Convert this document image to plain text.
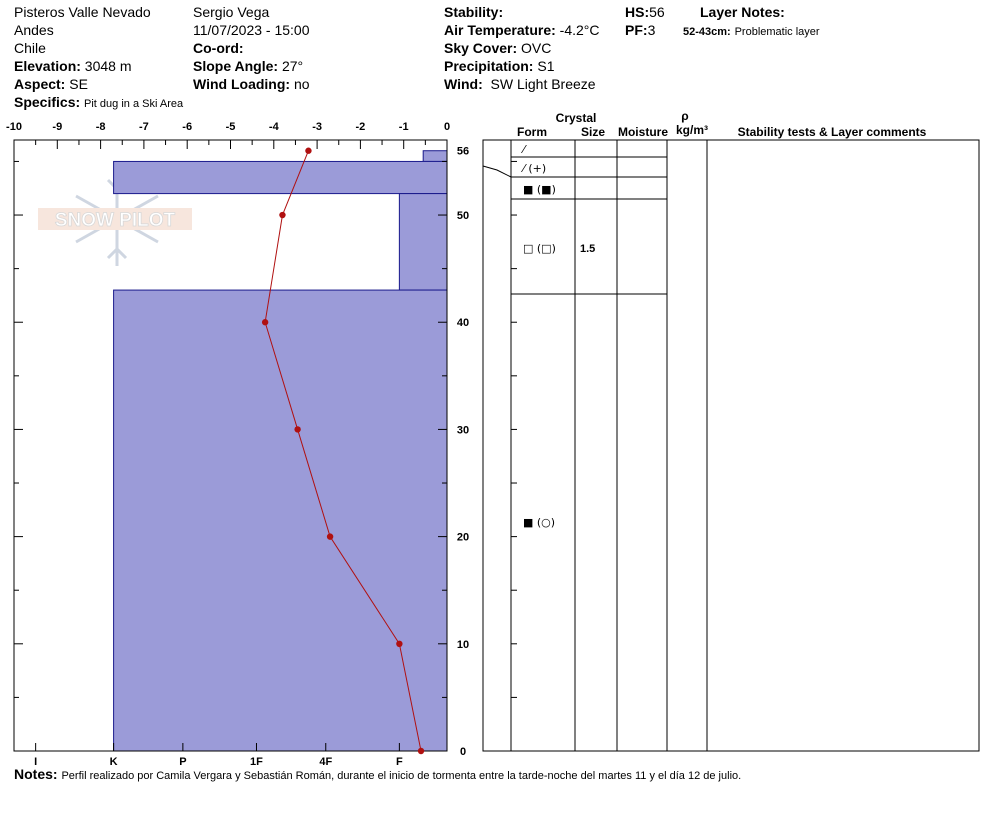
Pisteros Valle Nevado
Andes
Chile
Elevation: 3048 m
Aspect: SE
Specifics: Pit dug in a Ski Area
Sergio Vega
11/07/2023 - 15:00
Co-ord:
Slope Angle: 27°
Wind Loading: no
Stability:
Air Temperature: -4.2°C
Sky Cover: OVC
Precipitation: S1
Wind: SW Light Breeze
HS:56
PF:3
Layer Notes:
52-43cm: Problematic layer
SNOW PILOT
-10	-9	-8	-7	-6	-5	-4	-3	-2	-1	0
0
10
20
30
40
50
56
I	K	P	1F	4F	F
Crystal
Form	Size Moisture
ρ
kg/m³ Stability tests & Layer comments
⁄
⁄ (+)
■ (■)
□ (□) 1.5
■ (○)
Notes: Perfil realizado por Camila Vergara y Sebastián Román, durante el inicio de tormenta entre la tarde-noche del martes 11 y el día 12 de julio.
